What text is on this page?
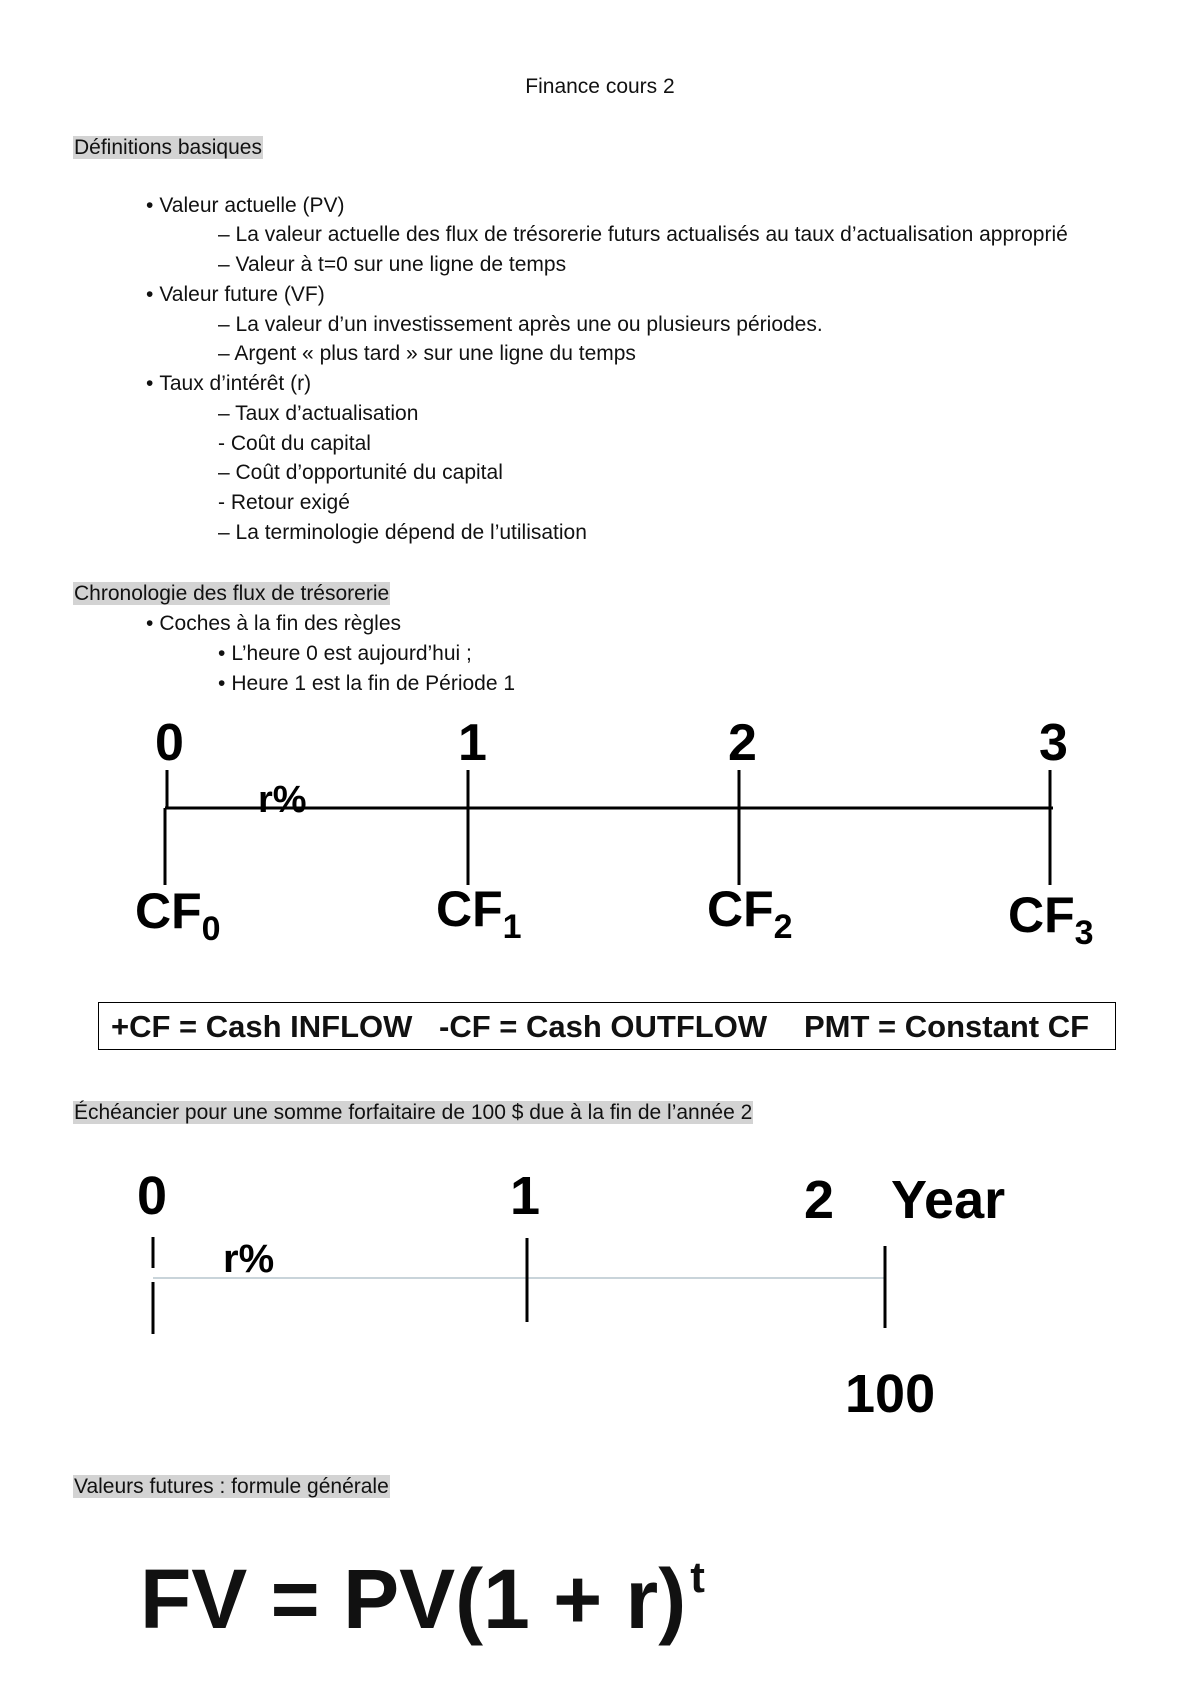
Finance cours 2
Définitions basiques
• Valeur actuelle (PV)
– La valeur actuelle des flux de trésorerie futurs actualisés au taux d’actualisation approprié
– Valeur à t=0 sur une ligne de temps
• Valeur future (VF)
– La valeur d’un investissement après une ou plusieurs périodes.
– Argent « plus tard » sur une ligne du temps
• Taux d’intérêt (r)
– Taux d’actualisation
- Coût du capital
– Coût d’opportunité du capital
- Retour exigé
– La terminologie dépend de l’utilisation
Chronologie des flux de trésorerie
• Coches à la fin des règles
• L’heure 0 est aujourd’hui ;
• Heure 1 est la fin de Période 1
0	1	2	3
r%
$CF_0$	$CF_1$	$CF_2$	$CF_3$
+CF = Cash INFLOW -CF = Cash OUTFLOW PMT = Constant CF
Échéancier pour une somme forfaitaire de 100 $ due à la fin de l’année 2
0	1	2 Year
r%
100
Valeurs futures : formule générale
FV = $PV(1 + r)^t$
